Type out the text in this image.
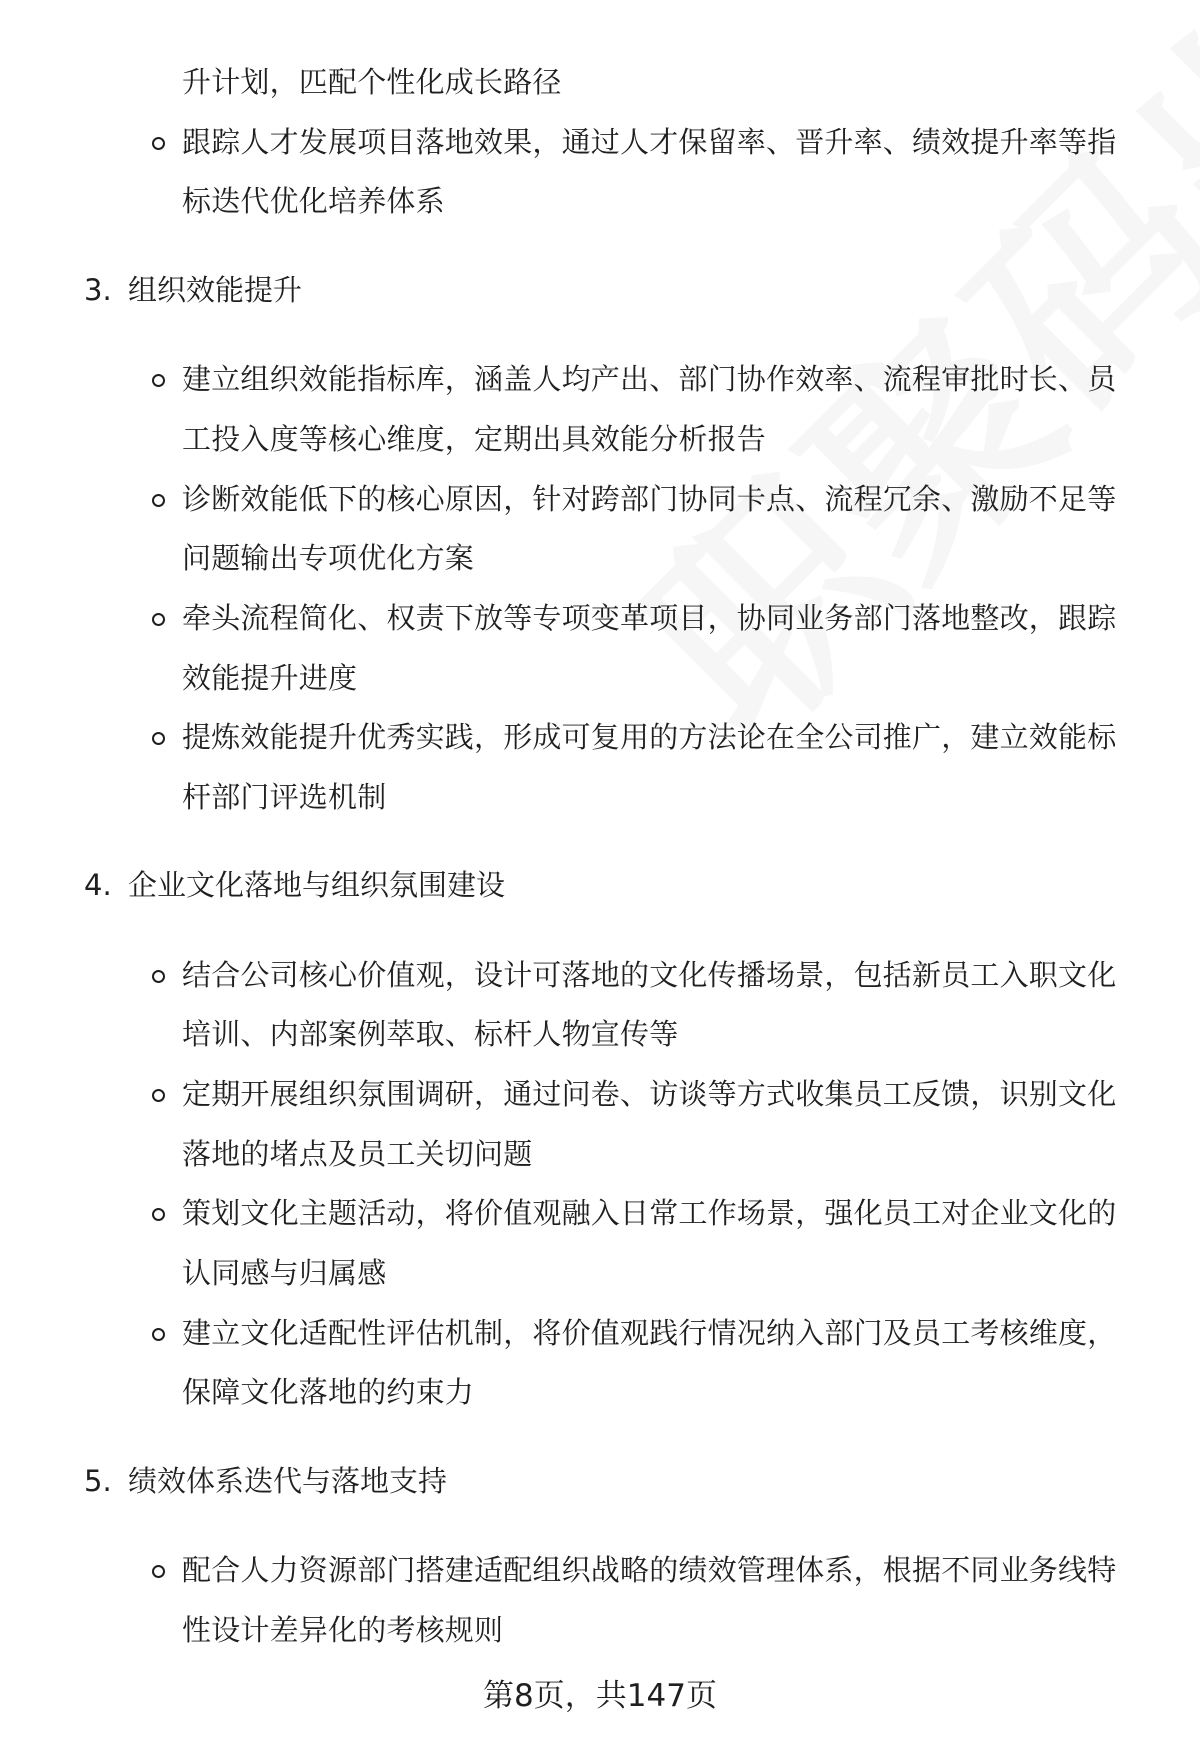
升计划，匹配个性化成长路径
跟踪人才发展项目落地效果，通过人才保留率、晋升率、绩效提升率等指
标迭代优化培养体系
3. 组织效能提升
建立组织效能指标库，涵盖人均产出、部门协作效率、流程审批时长、员
工投入度等核心维度，定期出具效能分析报告
诊断效能低下的核心原因，针对跨部门协同卡点、流程冗余、激励不足等
问题输出专项优化方案
牵头流程简化、权责下放等专项变革项目，协同业务部门落地整改，跟踪
效能提升进度
提炼效能提升优秀实践，形成可复用的方法论在全公司推广，建立效能标
杆部门评选机制
4. 企业文化落地与组织氛围建设
结合公司核心价值观，设计可落地的文化传播场景，包括新员工入职文化
培训、内部案例萃取、标杆人物宣传等
定期开展组织氛围调研，通过问卷、访谈等方式收集员工反馈，识别文化
落地的堵点及员工关切问题
策划文化主题活动，将价值观融入日常工作场景，强化员工对企业文化的
认同感与归属感
建立文化适配性评估机制，将价值观践行情况纳入部门及员工考核维度，
保障文化落地的约束力
5. 绩效体系迭代与落地支持
配合人力资源部门搭建适配组织战略的绩效管理体系，根据不同业务线特
性设计差异化的考核规则
第8页，共147页
